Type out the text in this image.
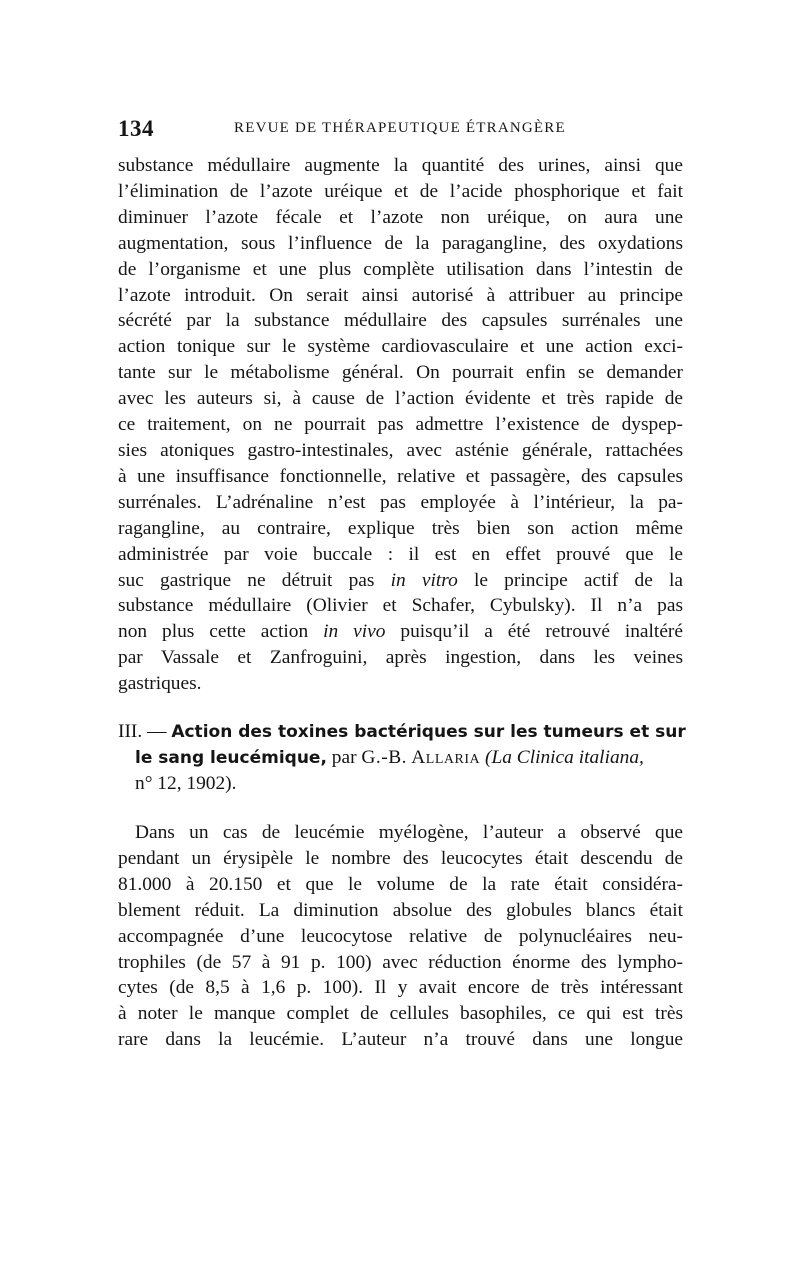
134	REVUE DE THÉRAPEUTIQUE ÉTRANGÈRE
substance médullaire augmente la quantité des urines, ainsi que
l’élimination de l’azote uréique et de l’acide phosphorique et fait
diminuer l’azote fécale et l’azote non uréique, on aura une
augmentation, sous l’influence de la paragangline, des oxydations
de l’organisme et une plus complète utilisation dans l’intestin de
l’azote introduit. On serait ainsi autorisé à attribuer au principe
sécrété par la substance médullaire des capsules surrénales une
action tonique sur le système cardiovasculaire et une action exci-
tante sur le métabolisme général. On pourrait enfin se demander
avec les auteurs si, à cause de l’action évidente et très rapide de
ce traitement, on ne pourrait pas admettre l’existence de dyspep-
sies atoniques gastro-intestinales, avec asténie générale, rattachées
à une insuffisance fonctionnelle, relative et passagère, des capsules
surrénales. L’adrénaline n’est pas employée à l’intérieur, la pa-
ragangline, au contraire, explique très bien son action même
administrée par voie buccale : il est en effet prouvé que le
suc gastrique ne détruit pas in vitro le principe actif de la
substance médullaire (Olivier et Schafer, Cybulsky). Il n’a pas
non plus cette action in vivo puisqu’il a été retrouvé inaltéré
par Vassale et Zanfroguini, après ingestion, dans les veines
gastriques.
III. — Action des toxines bactériques sur les tumeurs et sur
le sang leucémique, par G.-B. Allaria (La Clinica italiana,
n° 12, 1902).
Dans un cas de leucémie myélogène, l’auteur a observé que
pendant un érysipèle le nombre des leucocytes était descendu de
81.000 à 20.150 et que le volume de la rate était considéra-
blement réduit. La diminution absolue des globules blancs était
accompagnée d’une leucocytose relative de polynucléaires neu-
trophiles (de 57 à 91 p. 100) avec réduction énorme des lympho-
cytes (de 8,5 à 1,6 p. 100). Il y avait encore de très intéressant
à noter le manque complet de cellules basophiles, ce qui est très
rare dans la leucémie. L’auteur n’a trouvé dans une longue
